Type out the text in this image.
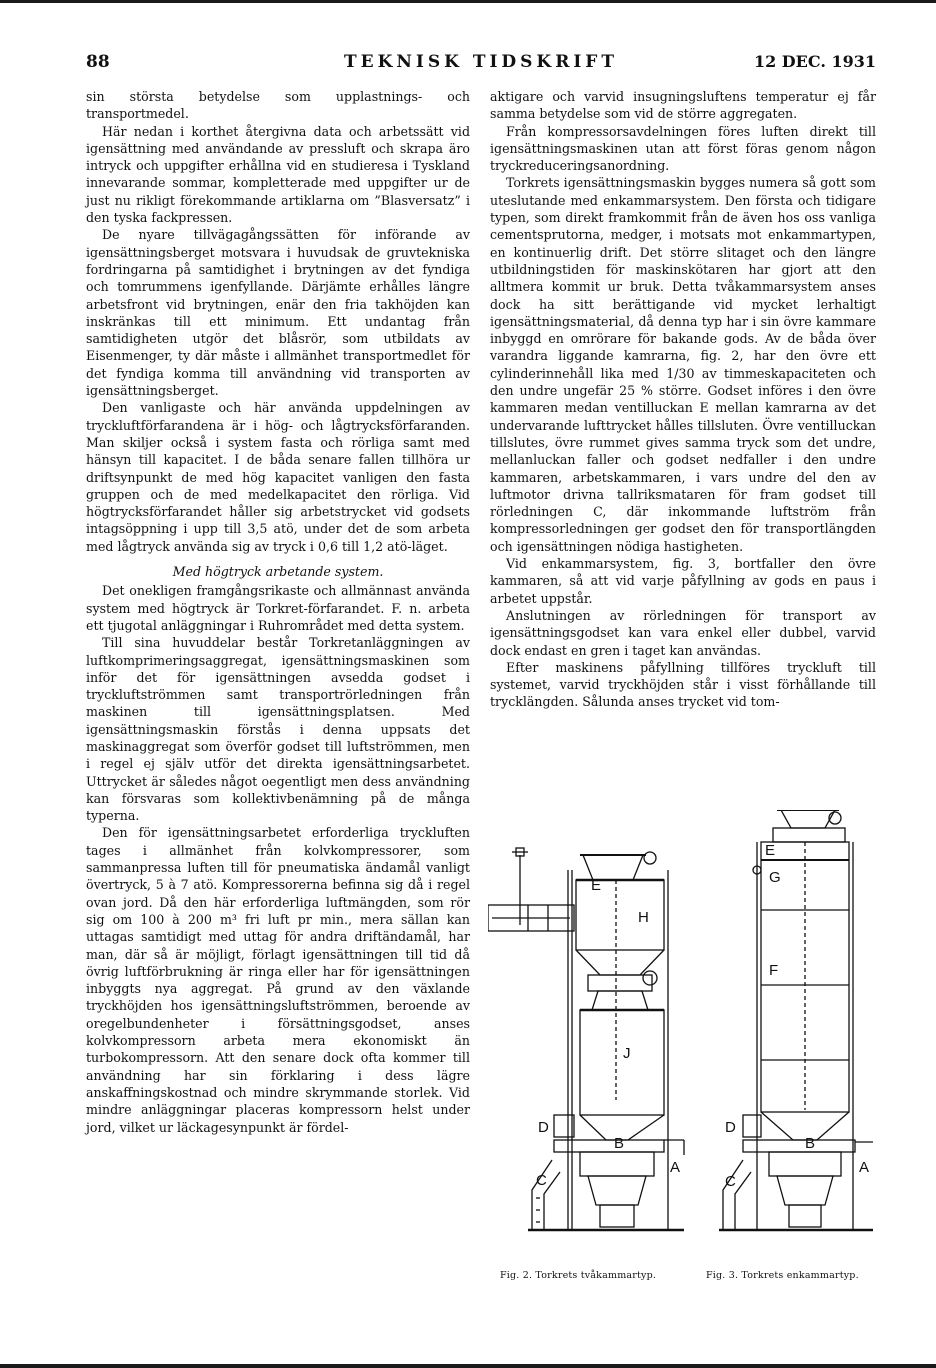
88	TEKNISK TIDSKRIFT	12 DEC. 1931

sin största betydelse som upplastnings- och transportmedel.

Här nedan i korthet återgivna data och arbetssätt vid igensättning med användande av pressluft och skrapa äro intryck och uppgifter erhållna vid en studieresa i Tyskland innevarande sommar, kompletterade med uppgifter ur de just nu rikligt förekommande artiklarna om ”Blasversatz” i den tyska fackpressen.

De nyare tillvägagångssätten för införande av igensättningsberget motsvara i huvudsak de gruvtekniska fordringarna på samtidighet i brytningen av det fyndiga och tomrummens igenfyllande. Därjämte erhålles längre arbetsfront vid brytningen, enär den fria takhöjden kan inskränkas till ett minimum. Ett undantag från samtidigheten utgör det blåsrör, som utbildats av Eisenmenger, ty där måste i allmänhet transportmedlet för det fyndiga komma till användning vid transporten av igensättningsberget.

Den vanligaste och här använda uppdelningen av tryckluftförfarandena är i hög- och lågtrycksförfaranden. Man skiljer också i system fasta och rörliga samt med hänsyn till kapacitet. I de båda senare fallen tillhöra ur driftsynpunkt de med hög kapacitet vanligen den fasta gruppen och de med medelkapacitet den rörliga. Vid högtrycksförfarandet håller sig arbetstrycket vid godsets intagsöppning i upp till 3,5 atö, under det de som arbeta med lågtryck använda sig av tryck i 0,6 till 1,2 atö-läget.

Med högtryck arbetande system.

Det onekligen framgångsrikaste och allmännast använda system med högtryck är Torkret-förfarandet. F. n. arbeta ett tjugotal anläggningar i Ruhrområdet med detta system.

Till sina huvuddelar består Torkretanläggningen av luftkomprimeringsaggregat, igensättningsmaskinen som inför det för igensättningen avsedda godset i tryckluftströmmen samt transportrörledningen från maskinen till igensättningsplatsen. Med igensättningsmaskin förstås i denna uppsats det maskinaggregat som överför godset till luftströmmen, men i regel ej själv utför det direkta igensättningsarbetet. Uttrycket är således något oegentligt men dess användning kan försvaras som kollektivbenämning på de många typerna.

Den för igensättningsarbetet erforderliga tryckluften tages i allmänhet från kolvkompressorer, som sammanpressa luften till för pneumatiska ändamål vanligt övertryck, 5 à 7 atö. Kompressorerna befinna sig då i regel ovan jord. Då den här erforderliga luftmängden, som rör sig om 100 à 200 m³ fri luft pr min., mera sällan kan uttagas samtidigt med uttag för andra driftändamål, har man, där så är möjligt, förlagt igensättningen till tid då övrig luftförbrukning är ringa eller har för igensättningen inbyggts nya aggregat. På grund av den växlande tryckhöjden hos igensättningsluftströmmen, beroende av oregelbundenheter i försättningsgodset, anses kolvkompressorn arbeta mera ekonomiskt än turbokompressorn. Att den senare dock ofta kommer till användning har sin förklaring i dess lägre anskaffningskostnad och mindre skrymmande storlek. Vid mindre anläggningar placeras kompressorn helst under jord, vilket ur läckagesynpunkt är fördel-

aktigare och varvid insugningsluftens temperatur ej får samma betydelse som vid de större aggregaten.

Från kompressorsavdelningen föres luften direkt till igensättningsmaskinen utan att först föras genom någon tryckreduceringsanordning.

Torkrets igensättningsmaskin bygges numera så gott som uteslutande med enkammarsystem. Den första och tidigare typen, som direkt framkommit från de även hos oss vanliga cementsprutorna, medger, i motsats mot enkammartypen, en kontinuerlig drift. Det större slitaget och den längre utbildningstiden för maskinskötaren har gjort att den alltmera kommit ur bruk. Detta tvåkammarsystem anses dock ha sitt berättigande vid mycket lerhaltigt igensättningsmaterial, då denna typ har i sin övre kammare inbyggd en omrörare för bakande gods. Av de båda över varandra liggande kamrarna, fig. 2, har den övre ett cylinderinnehåll lika med 1/30 av timmeskapaciteten och den undre ungefär 25 % större. Godset införes i den övre kammaren medan ventilluckan E mellan kamrarna av det undervarande lufttrycket hålles tillsluten. Övre ventilluckan tillslutes, övre rummet gives samma tryck som det undre, mellanluckan faller och godset nedfaller i den undre kammaren, arbetskammaren, i vars undre del den av luftmotor drivna tallriksmataren för fram godset till rörledningen C, där inkommande luftström från kompressorledningen ger godset den för transportlängden och igensättningen nödiga hastigheten.

Vid enkammarsystem, fig. 3, bortfaller den övre kammaren, så att vid varje påfyllning av gods en paus i arbetet uppstår.

Anslutningen av rörledningen för transport av igensättningsgodset kan vara enkel eller dubbel, varvid dock endast en gren i taget kan användas.

Efter maskinens påfyllning tillföres tryckluft till systemet, varvid tryckhöjden står i visst förhållande till trycklängden. Sålunda anses trycket vid tom-

E
H
J
D
B
A
C
E
G
F
D
B
A
C
Fig. 2. Torkrets tvåkammartyp.	Fig. 3. Torkrets enkammartyp.
